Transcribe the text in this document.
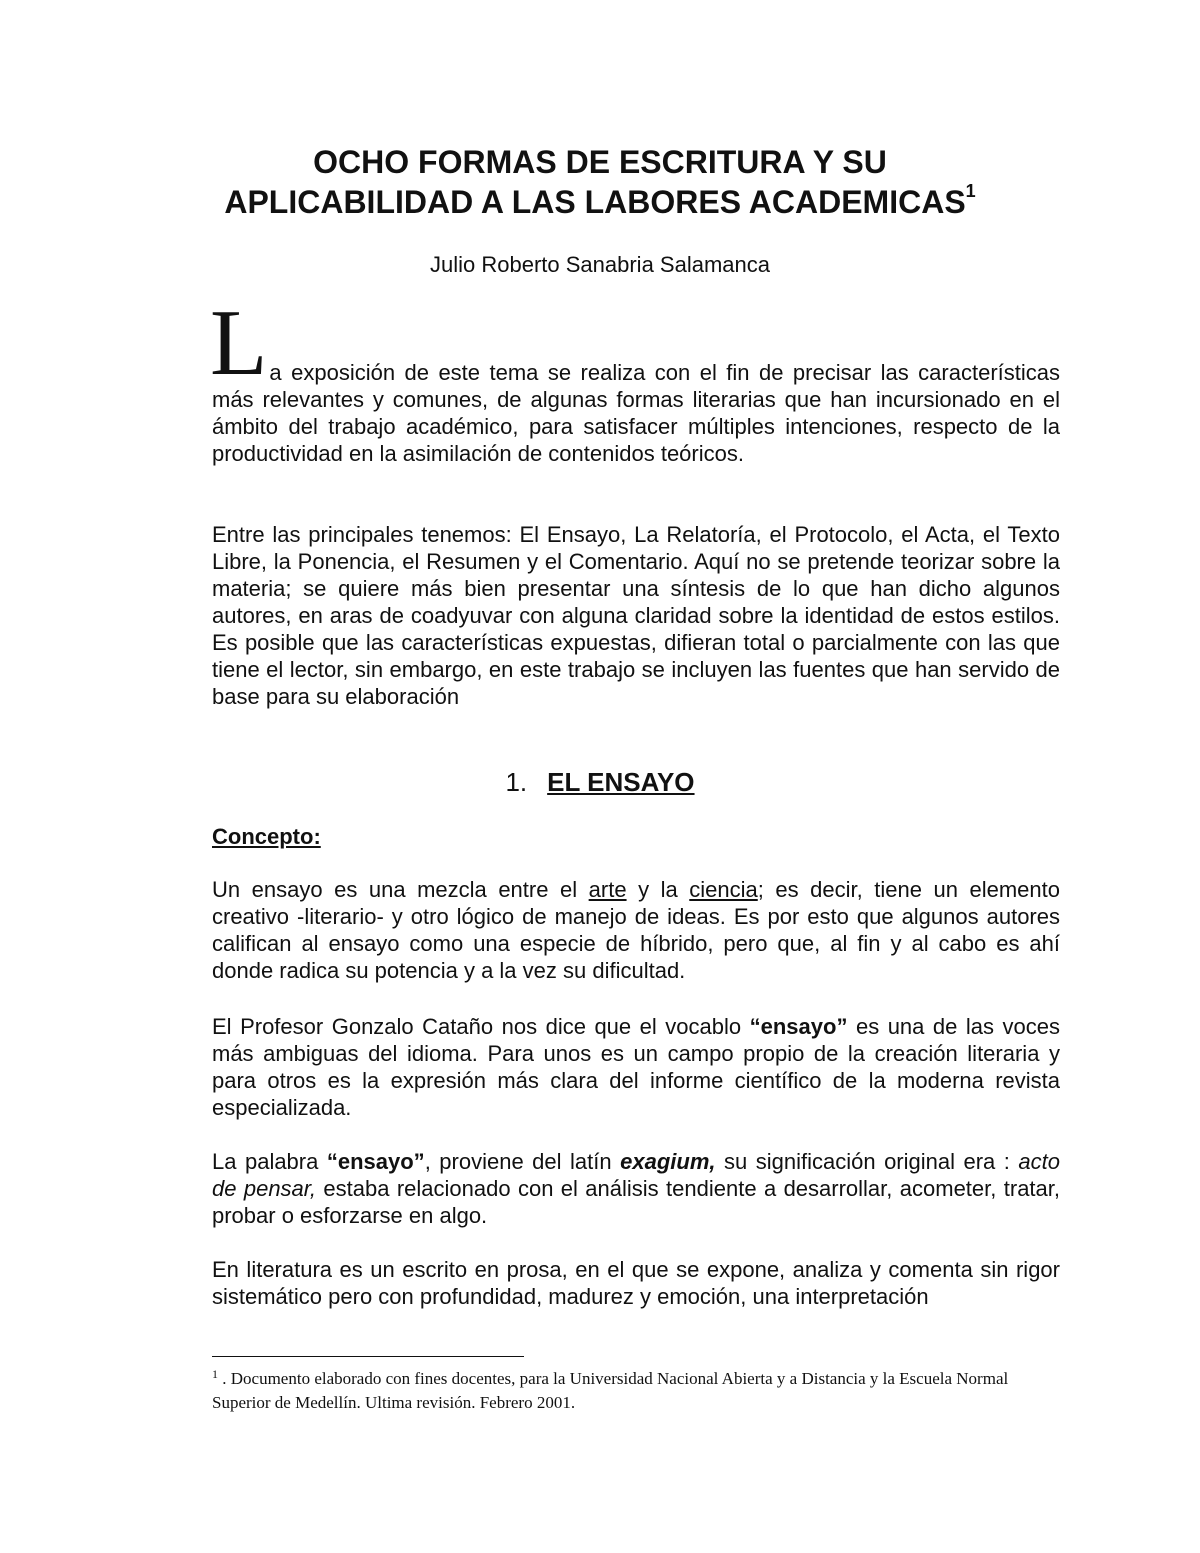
OCHO FORMAS DE ESCRITURA Y SU
APLICABILIDAD A LAS LABORES ACADEMICAS$^1$
Julio Roberto Sanabria Salamanca

La exposición de este tema se realiza con el fin de precisar las características más relevantes y comunes, de algunas formas literarias que han incursionado en el ámbito del trabajo académico, para satisfacer múltiples intenciones, respecto de la productividad en la asimilación de contenidos teóricos.

Entre las principales tenemos: El Ensayo, La Relatoría, el Protocolo, el Acta, el Texto Libre, la Ponencia, el Resumen y el Comentario. Aquí no se pretende teorizar sobre la materia; se quiere más bien presentar una síntesis de lo que han dicho algunos autores, en aras de coadyuvar con alguna claridad sobre la identidad de estos estilos. Es posible que las características expuestas, difieran total o parcialmente con las que tiene el lector, sin embargo, en este trabajo se incluyen las fuentes que han servido de base para su elaboración

1. EL ENSAYO
Concepto:

Un ensayo es una mezcla entre el arte y la ciencia; es decir, tiene un elemento creativo -literario- y otro lógico de manejo de ideas. Es por esto que algunos autores califican al ensayo como una especie de híbrido, pero que, al fin y al cabo es ahí donde radica su potencia y a la vez su dificultad.

El Profesor Gonzalo Cataño nos dice que el vocablo “ensayo” es una de las voces más ambiguas del idioma. Para unos es un campo propio de la creación literaria y para otros es la expresión más clara del informe científico de la moderna revista especializada.

La palabra “ensayo”, proviene del latín exagium, su significación original era : acto de pensar, estaba relacionado con el análisis tendiente a desarrollar, acometer, tratar, probar o esforzarse en algo.

En literatura es un escrito en prosa, en el que se expone, analiza y comenta sin rigor sistemático pero con profundidad, madurez y emoción, una interpretación

$^1$ . Documento elaborado con fines docentes, para la Universidad Nacional Abierta y a Distancia y la Escuela Normal Superior de Medellín. Ultima revisión. Febrero 2001.
